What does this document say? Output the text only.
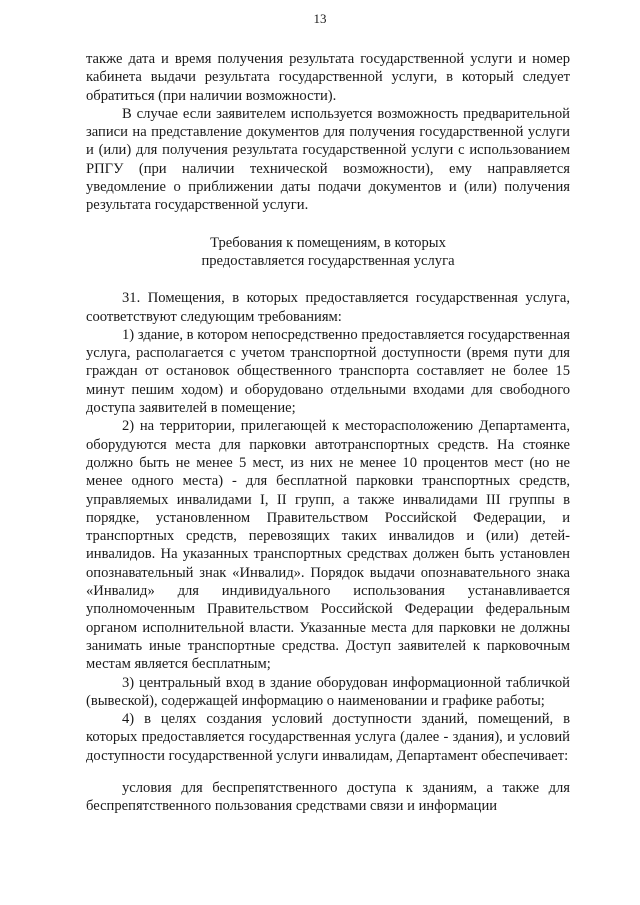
13

также дата и время получения результата государственной услуги и номер кабинета выдачи результата государственной услуги, в который следует обратиться (при наличии возможности).

В случае если заявителем используется возможность предварительной записи на представление документов для получения государственной услуги и (или) для получения результата государственной услуги с использованием РПГУ (при наличии технической возможности), ему направляется уведомление о приближении даты подачи документов и (или) получения результата государственной услуги.

Требования к помещениям, в которых
предоставляется государственная услуга

31. Помещения, в которых предоставляется государственная услуга, соответствуют следующим требованиям:

1) здание, в котором непосредственно предоставляется государственная услуга, располагается с учетом транспортной доступности (время пути для граждан от остановок общественного транспорта составляет не более 15 минут пешим ходом) и оборудовано отдельными входами для свободного доступа заявителей в помещение;

2) на территории, прилегающей к месторасположению Департамента, оборудуются места для парковки автотранспортных средств. На стоянке должно быть не менее 5 мест, из них не менее 10 процентов мест (но не менее одного места) - для бесплатной парковки транспортных средств, управляемых инвалидами I, II групп, а также инвалидами III группы в порядке, установленном Правительством Российской Федерации, и транспортных средств, перевозящих таких инвалидов и (или) детей-инвалидов. На указанных транспортных средствах должен быть установлен опознавательный знак «Инвалид». Порядок выдачи опознавательного знака «Инвалид» для индивидуального использования устанавливается уполномоченным Правительством Российской Федерации федеральным органом исполнительной власти. Указанные места для парковки не должны занимать иные транспортные средства. Доступ заявителей к парковочным местам является бесплатным;

3) центральный вход в здание оборудован информационной табличкой (вывеской), содержащей информацию о наименовании и графике работы;

4) в целях создания условий доступности зданий, помещений, в которых предоставляется государственная услуга (далее - здания), и условий доступности государственной услуги инвалидам, Департамент обеспечивает:

условия для беспрепятственного доступа к зданиям, а также для беспрепятственного пользования средствами связи и информации
